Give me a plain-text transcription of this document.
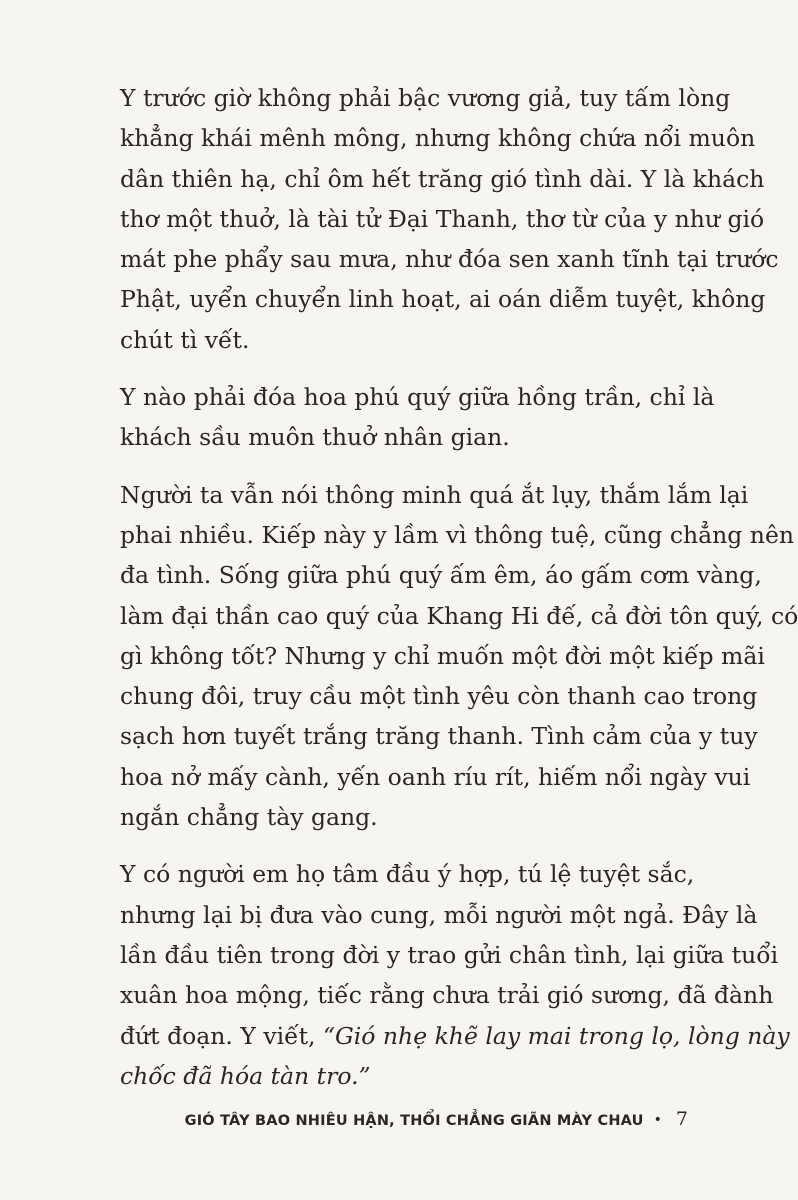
Y trước giờ không phải bậc vương giả, tuy tấm lòng
khẳng khái mênh mông, nhưng không chứa nổi muôn
dân thiên hạ, chỉ ôm hết trăng gió tình dài. Y là khách
thơ một thuở, là tài tử Đại Thanh, thơ từ của y như gió
mát phe phẩy sau mưa, như đóa sen xanh tĩnh tại trước
Phật, uyển chuyển linh hoạt, ai oán diễm tuyệt, không
chút tì vết.
Y nào phải đóa hoa phú quý giữa hồng trần, chỉ là
khách sầu muôn thuở nhân gian.
Người ta vẫn nói thông minh quá ắt lụy, thắm lắm lại
phai nhiều. Kiếp này y lầm vì thông tuệ, cũng chẳng nên
đa tình. Sống giữa phú quý ấm êm, áo gấm cơm vàng,
làm đại thần cao quý của Khang Hi đế, cả đời tôn quý, có
gì không tốt? Nhưng y chỉ muốn một đời một kiếp mãi
chung đôi, truy cầu một tình yêu còn thanh cao trong
sạch hơn tuyết trắng trăng thanh. Tình cảm của y tuy
hoa nở mấy cành, yến oanh ríu rít, hiếm nổi ngày vui
ngắn chẳng tày gang.
Y có người em họ tâm đầu ý hợp, tú lệ tuyệt sắc,
nhưng lại bị đưa vào cung, mỗi người một ngả. Đây là
lần đầu tiên trong đời y trao gửi chân tình, lại giữa tuổi
xuân hoa mộng, tiếc rằng chưa trải gió sương, đã đành
đứt đoạn. Y viết, “Gió nhẹ khẽ lay mai trong lọ, lòng này
chốc đã hóa tàn tro.”
GIÓ TÂY BAO NHIÊU HẬN, THỔI CHẲNG GIÃN MÀY CHAU • 7
